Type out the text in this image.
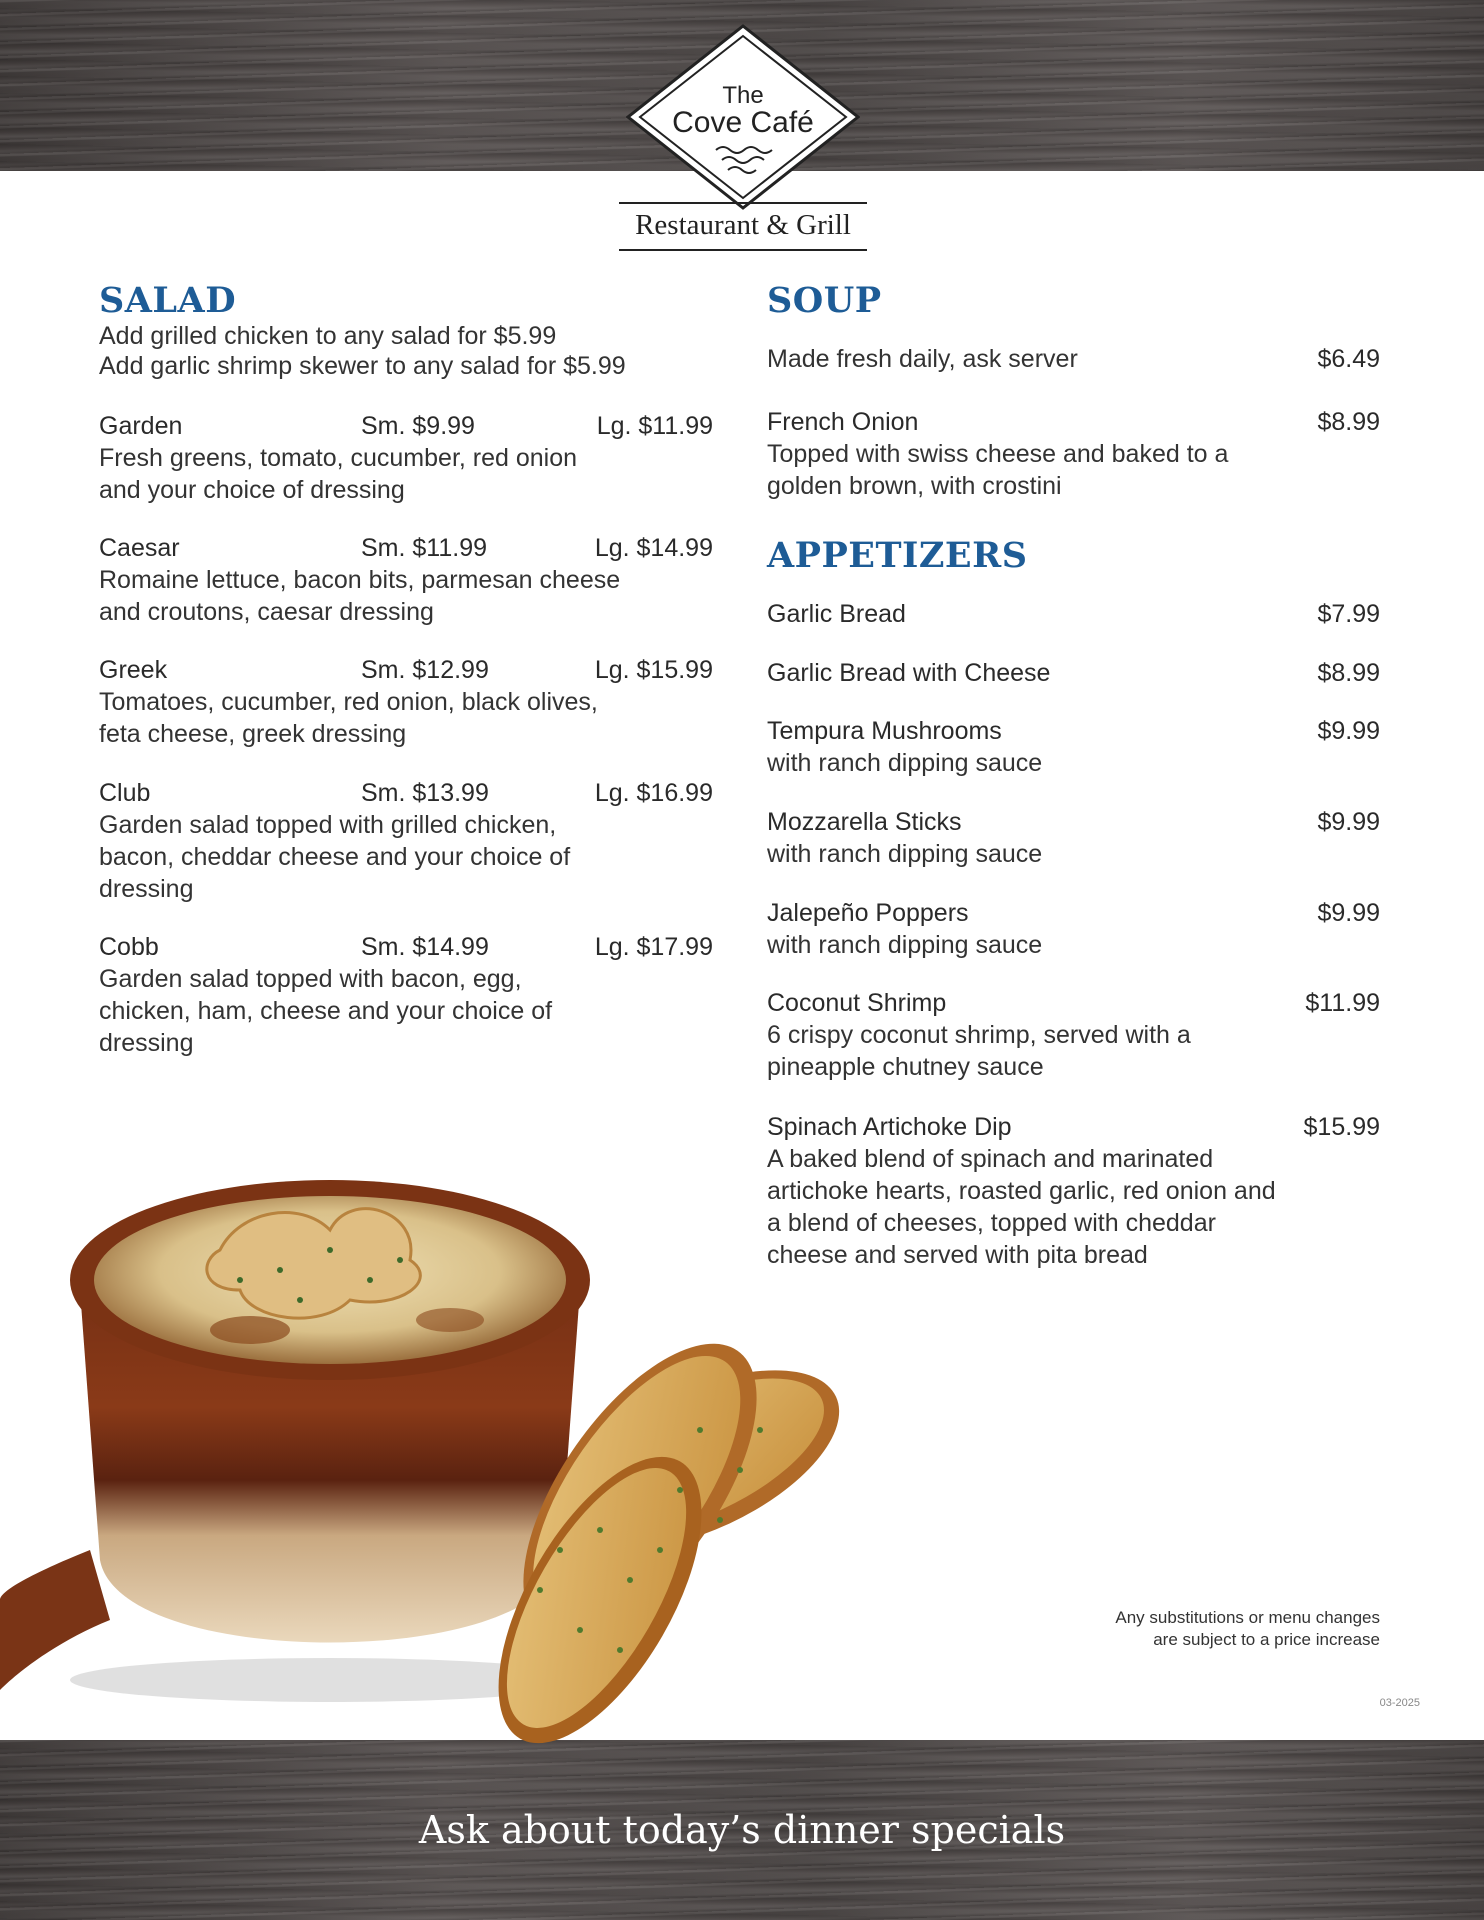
The
Cove Café
Restaurant & Grill
SALAD
Add grilled chicken to any salad for $5.99
Add garlic shrimp skewer to any salad for $5.99
Garden	Sm. $9.99	Lg. $11.99
Fresh greens, tomato, cucumber, red onion
and your choice of dressing
Caesar	Sm. $11.99	Lg. $14.99
Romaine lettuce, bacon bits, parmesan cheese
and croutons, caesar dressing
Greek	Sm. $12.99	Lg. $15.99
Tomatoes, cucumber, red onion, black olives,
feta cheese, greek dressing
Club	Sm. $13.99	Lg. $16.99
Garden salad topped with grilled chicken,
bacon, cheddar cheese and your choice of
dressing
Cobb	Sm. $14.99	Lg. $17.99
Garden salad topped with bacon, egg,
chicken, ham, cheese and your choice of
dressing
SOUP
Made fresh daily, ask server	$6.49
French Onion	$8.99
Topped with swiss cheese and baked to a
golden brown, with crostini
APPETIZERS
Garlic Bread	$7.99
Garlic Bread with Cheese	$8.99
Tempura Mushrooms	$9.99
with ranch dipping sauce
Mozzarella Sticks	$9.99
with ranch dipping sauce
Jalepeño Poppers	$9.99
with ranch dipping sauce
Coconut Shrimp	$11.99
6 crispy coconut shrimp, served with a
pineapple chutney sauce
Spinach Artichoke Dip	$15.99
A baked blend of spinach and marinated
artichoke hearts, roasted garlic, red onion and
a blend of cheeses, topped with cheddar
cheese and served with pita bread
Any substitutions or menu changes
are subject to a price increase
03-2025
Ask about today’s dinner specials
